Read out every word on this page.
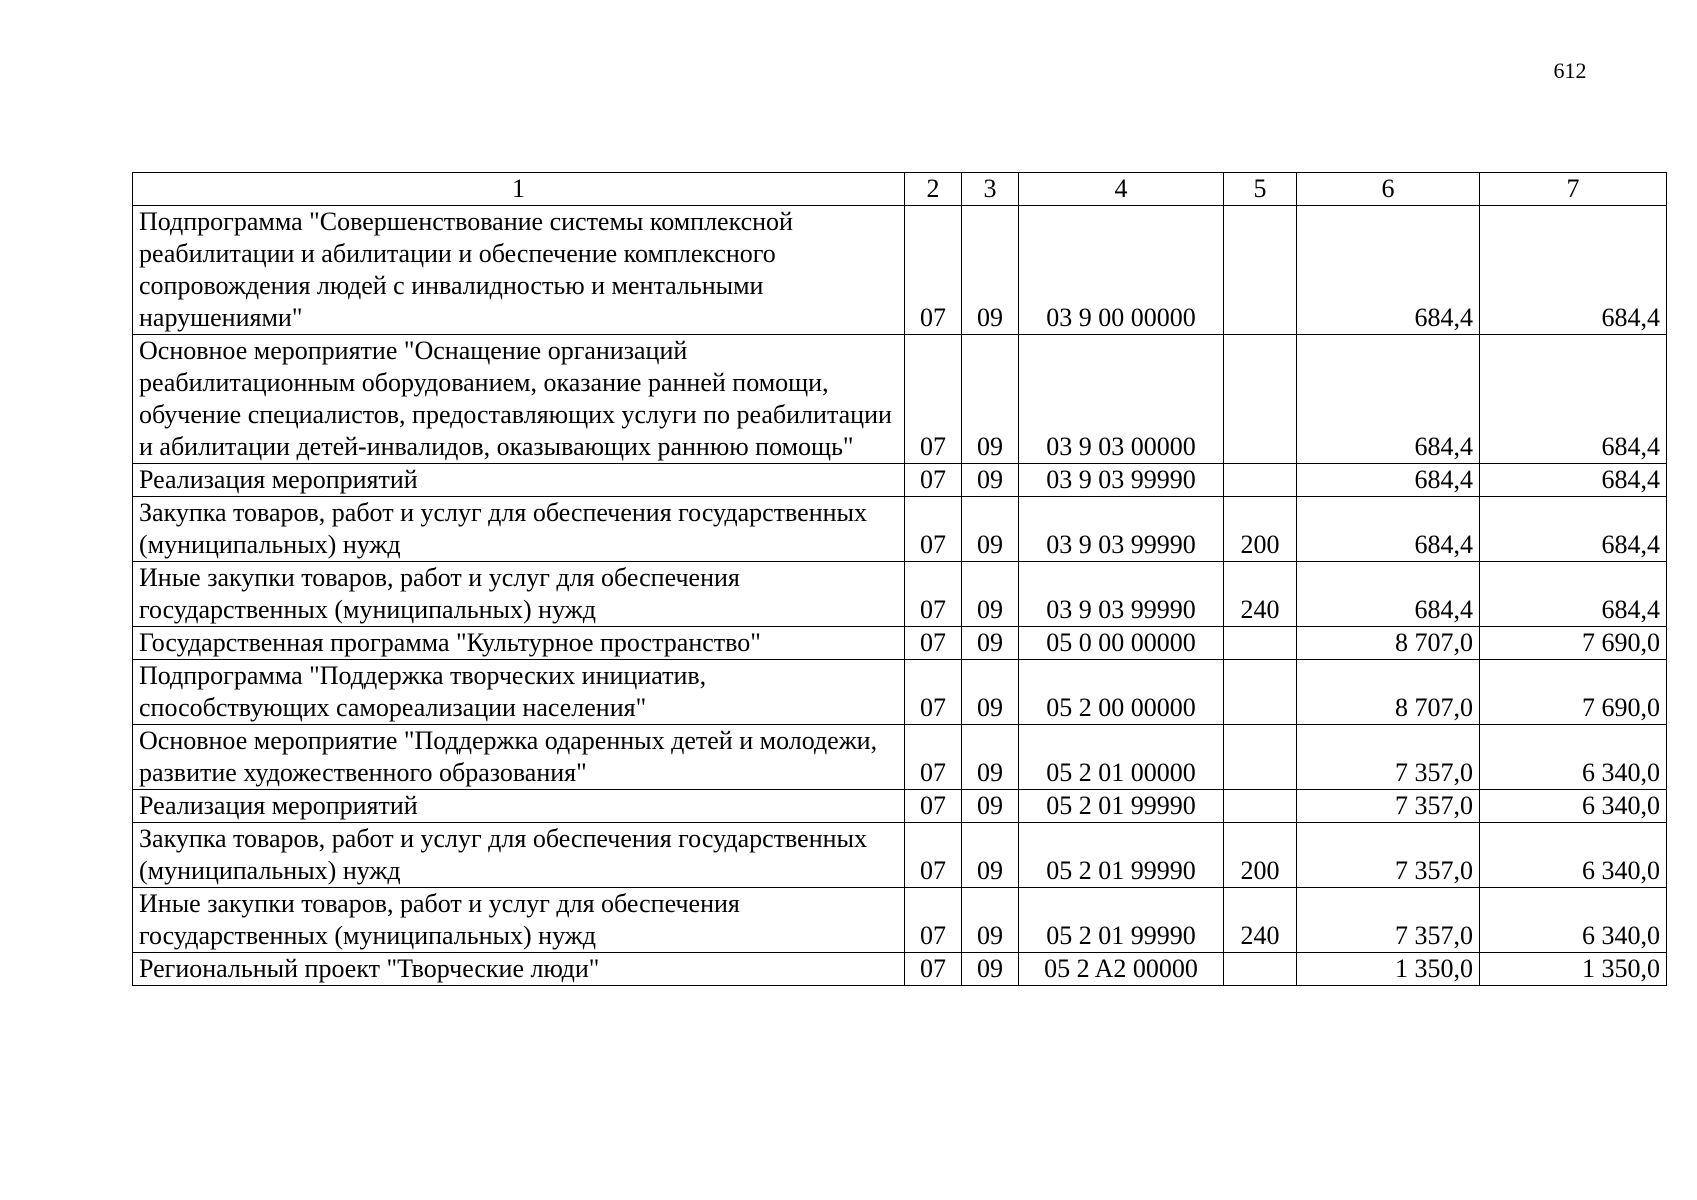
612
1	2	3	4	5	6	7
Подпрограмма "Совершенствование системы комплексной реабилитации и абилитации и обеспечение комплексного сопровождения людей с инвалидностью и ментальными нарушениями"	07	09	03 9 00 00000		684,4	684,4
Основное мероприятие "Оснащение организаций реабилитационным оборудованием, оказание ранней помощи, обучение специалистов, предоставляющих услуги по реабилитации и абилитации детей-инвалидов, оказывающих раннюю помощь"	07	09	03 9 03 00000		684,4	684,4
Реализация мероприятий	07	09	03 9 03 99990		684,4	684,4
Закупка товаров, работ и услуг для обеспечения государственных (муниципальных) нужд	07	09	03 9 03 99990	200	684,4	684,4
Иные закупки товаров, работ и услуг для обеспечения государственных (муниципальных) нужд	07	09	03 9 03 99990	240	684,4	684,4
Государственная программа "Культурное пространство"	07	09	05 0 00 00000		8 707,0	7 690,0
Подпрограмма "Поддержка творческих инициатив, способствующих самореализации населения"	07	09	05 2 00 00000		8 707,0	7 690,0
Основное мероприятие "Поддержка одаренных детей и молодежи, развитие художественного образования"	07	09	05 2 01 00000		7 357,0	6 340,0
Реализация мероприятий	07	09	05 2 01 99990		7 357,0	6 340,0
Закупка товаров, работ и услуг для обеспечения государственных (муниципальных) нужд	07	09	05 2 01 99990	200	7 357,0	6 340,0
Иные закупки товаров, работ и услуг для обеспечения государственных (муниципальных) нужд	07	09	05 2 01 99990	240	7 357,0	6 340,0
Региональный проект "Творческие люди"	07	09	05 2 A2 00000		1 350,0	1 350,0
